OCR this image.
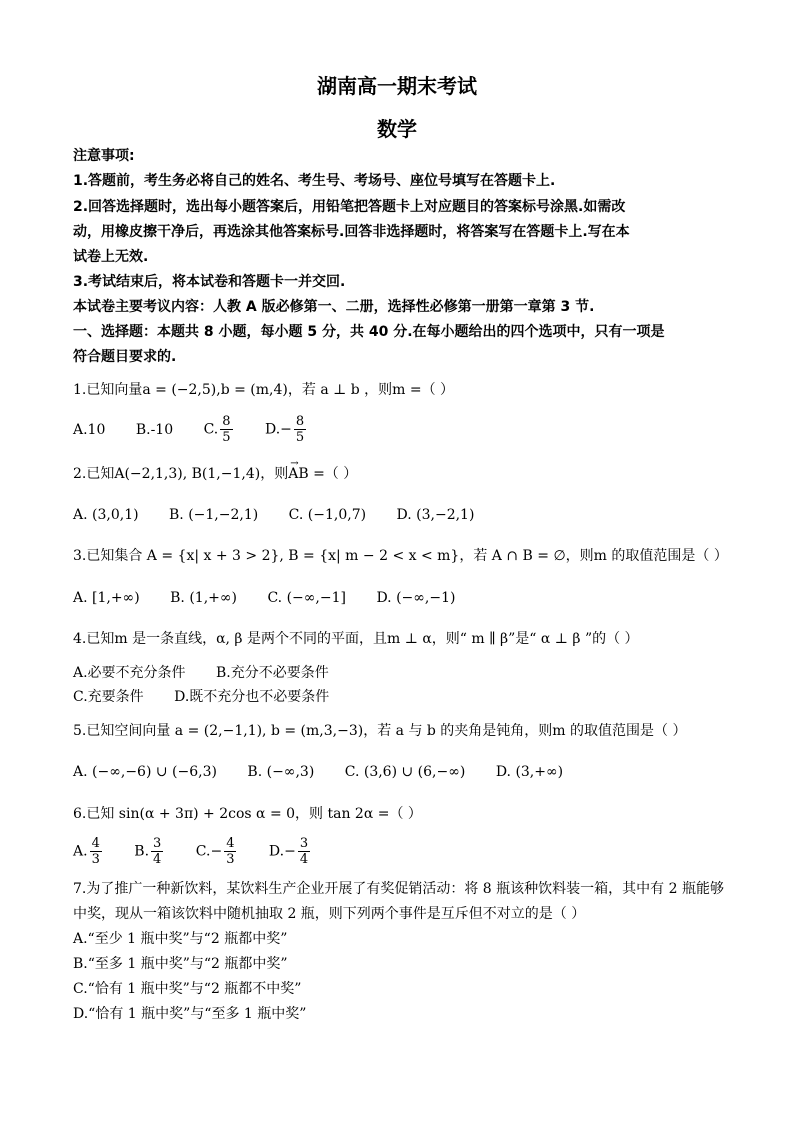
湖南高一期末考试
数学
注意事项:
1.答题前，考生务必将自己的姓名、考生号、考场号、座位号填写在答题卡上.
2.回答选择题时，选出每小题答案后，用铅笔把答题卡上对应题目的答案标号涂黑.如需改
动，用橡皮擦干净后，再选涂其他答案标号.回答非选择题时，将答案写在答题卡上.写在本
试卷上无效.
3.考试结束后，将本试卷和答题卡一并交回.
本试卷主要考议内容：人教 A 版必修第一、二册，选择性必修第一册第一章第 3 节.
一、选择题：本题共 8 小题，每小题 5 分，共 40 分.在每小题给出的四个选项中，只有一项是
符合题目要求的.
1.已知向量a = (−2,5),b = (m,4)，若 a ⊥ b ，则m =（ ）
A.10 B.-10 C. $\frac{8}{5} D.- \frac{8}{5}$
2.已知A(−2,1,3), B(1,−1,4)，则→ AB =（ ）
A. (3,0,1) B. (−1,−2,1) C. (−1,0,7) D. (3,−2,1)
3.已知集合 A = {x| x + 3 > 2}, B = {x| m − 2 < x < m}，若 A ∩ B = ∅，则m 的取值范围是（ ）
A. [1,+∞) B. (1,+∞) C. (−∞,−1] D. (−∞,−1)
4.已知m 是一条直线，α, β 是两个不同的平面，且m ⊥ α，则“ m ∥ β”是“ α ⊥ β ”的（ ）
A.必要不充分条件 B.充分不必要条件
C.充要条件 D.既不充分也不必要条件
5.已知空间向量 a = (2,−1,1), b = (m,3,−3)，若 a 与 b 的夹角是钝角，则m 的取值范围是（ ）
A. (−∞,−6) ∪ (−6,3) B. (−∞,3) C. (3,6) ∪ (6,−∞) D. (3,+∞)
6.已知 sin(α + 3π) + 2cos α = 0，则 tan 2α =（ ）
A. $\frac{4}{3} B$. $\frac{3}{4} C.- \frac{4}{3} D.- \frac{3}{4}$
7.为了推广一种新饮料，某饮料生产企业开展了有奖促销活动：将 8 瓶该种饮料装一箱，其中有 2 瓶能够
中奖，现从一箱该饮料中随机抽取 2 瓶，则下列两个事件是互斥但不对立的是（ ）
A.“至少 1 瓶中奖”与“2 瓶都中奖”
B.“至多 1 瓶中奖”与“2 瓶都中奖”
C.“恰有 1 瓶中奖”与“2 瓶都不中奖”
D.“恰有 1 瓶中奖”与“至多 1 瓶中奖”
